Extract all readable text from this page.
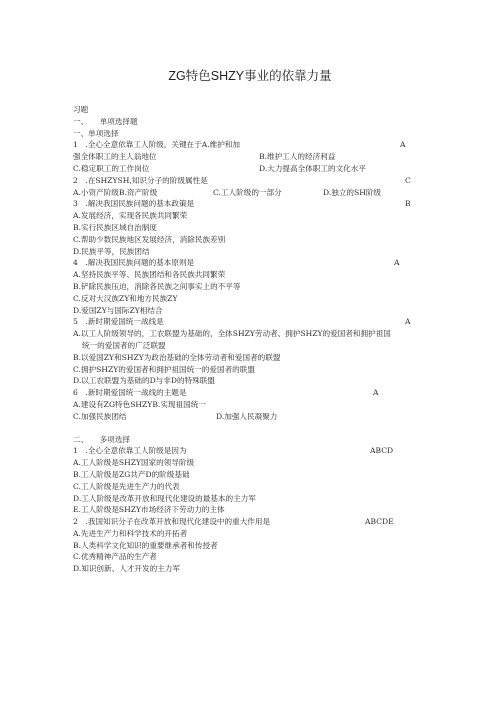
ZG特色SHZY事业的依靠力量
习题
一、　　单项选择题
一、单项选择
1　.全心全意依靠工人阶级，关键在于A.维护和加	A
强全体职工的主人翁地位	B.维护工人的经济利益
C.稳定职工的工作岗位	D.大力提高全体职工的文化水平
2　.在SHZYSH,知识分子的阶级属性是	C
A.小资产阶级B.资产阶级	C.工人阶级的一部分	D.独立的SH阶级
3　.解决我国民族问题的基本政策是	B
A.发展经济，实现各民族共同繁荣
B.实行民族区域自治制度
C.帮助少数民族地区发展经济，消除民族差别
D.民族平等，民族团结
4　.解决我国民族问题的基本原则是	A
A.坚持民族平等、民族团结和各民族共同繁荣
B.铲除民族压迫，消除各民族之间事实上的不平等
C.反对大汉族ZY和地方民族ZY
D.爱国ZY与国际ZY相结合
5　.新时期爱国统一战线是	A
A.以工人阶级领导的，工农联盟为基础的，全体SHZY劳动者、拥护SHZY的爱国者和拥护祖国
统一的爱国者的广泛联盟
B.以爱国ZY和SHZY为政治基础的全体劳动者和爱国者的联盟
C.拥护SHZY的爱国者和拥护祖国统一的爱国者的联盟
D.以工农联盟为基础的D与非D的特殊联盟
6　.新时期爱国统一战线的主题是	A
A.建设有ZG特色SHZYB.实现祖国统一
C.加强民族团结	D.加强人民凝聚力
二、　　多项选择
1　.全心全意依靠工人阶级是因为	ABCD
A.工人阶级是SHZY国家的领导阶级
B.工人阶级是ZG共产D的阶级基础
C.工人阶级是先进生产力的代表
D.工人阶级是改革开放和现代化建设的最基本的主力军
E.工人阶级是SHZY市场经济下劳动力的主体
2　.我国知识分子在改革开放和现代化建设中的重大作用是	ABCDE
A.先进生产力和科学技术的开拓者
B.人类科学文化知识的重要继承者和传授者
C.优秀精神产品的生产者
D.知识创新、人才开发的主力军
